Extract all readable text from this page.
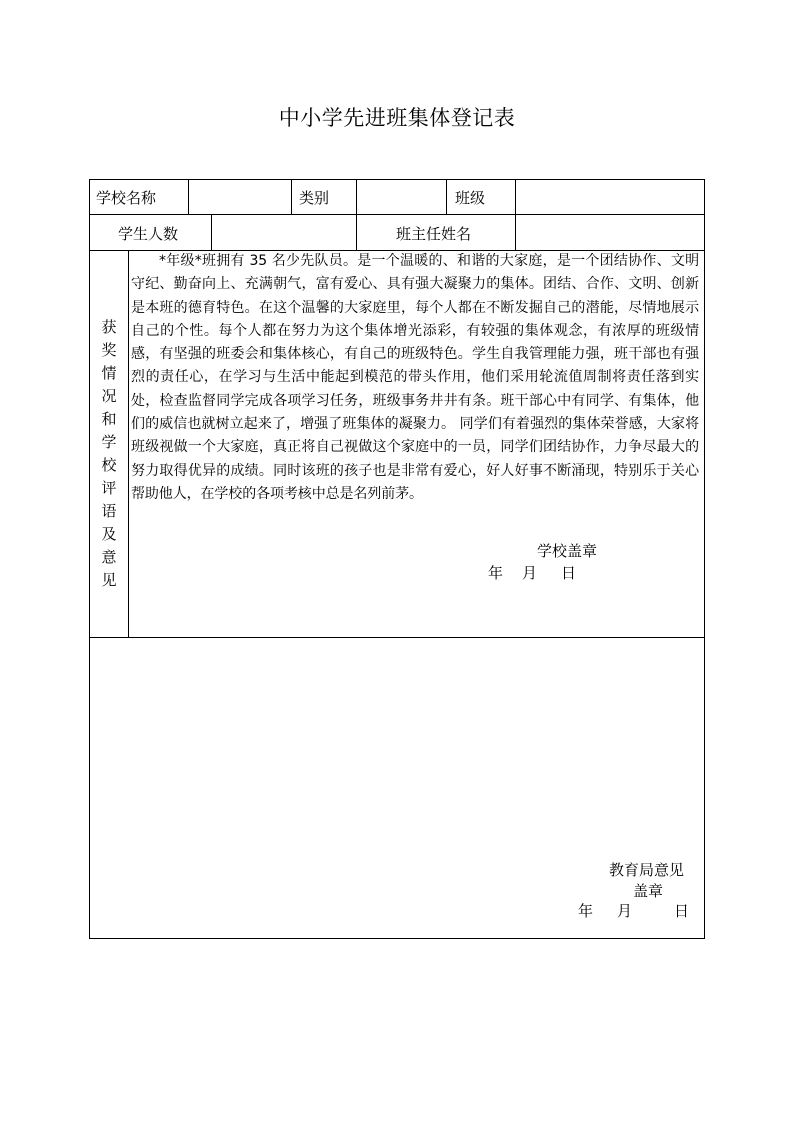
中小学先进班集体登记表
学校名称	类别	班级
学生人数	班主任姓名
获
奖
情
况
和
学
校
评
语
及
意
见
*年级*班拥有 35 名少先队员。是一个温暖的、和谐的大家庭，是一个团结协作、文明守纪、勤奋向上、充满朝气，富有爱心、具有强大凝聚力的集体。团结、合作、文明、创新是本班的德育特色。在这个温馨的大家庭里，每个人都在不断发掘自己的潜能，尽情地展示自己的个性。每个人都在努力为这个集体增光添彩，有较强的集体观念，有浓厚的班级情感，有坚强的班委会和集体核心，有自己的班级特色。学生自我管理能力强，班干部也有强烈的责任心，在学习与生活中能起到模范的带头作用，他们采用轮流值周制将责任落到实处，检查监督同学完成各项学习任务，班级事务井井有条。班干部心中有同学、有集体，他们的威信也就树立起来了，增强了班集体的凝聚力。 同学们有着强烈的集体荣誉感，大家将班级视做一个大家庭，真正将自己视做这个家庭中的一员，同学们团结协作，力争尽最大的努力取得优异的成绩。同时该班的孩子也是非常有爱心，好人好事不断涌现，特别乐于关心帮助他人，在学校的各项考核中总是名列前茅。
学校盖章
年 月 日
教育局意见
盖章
年 月	日
